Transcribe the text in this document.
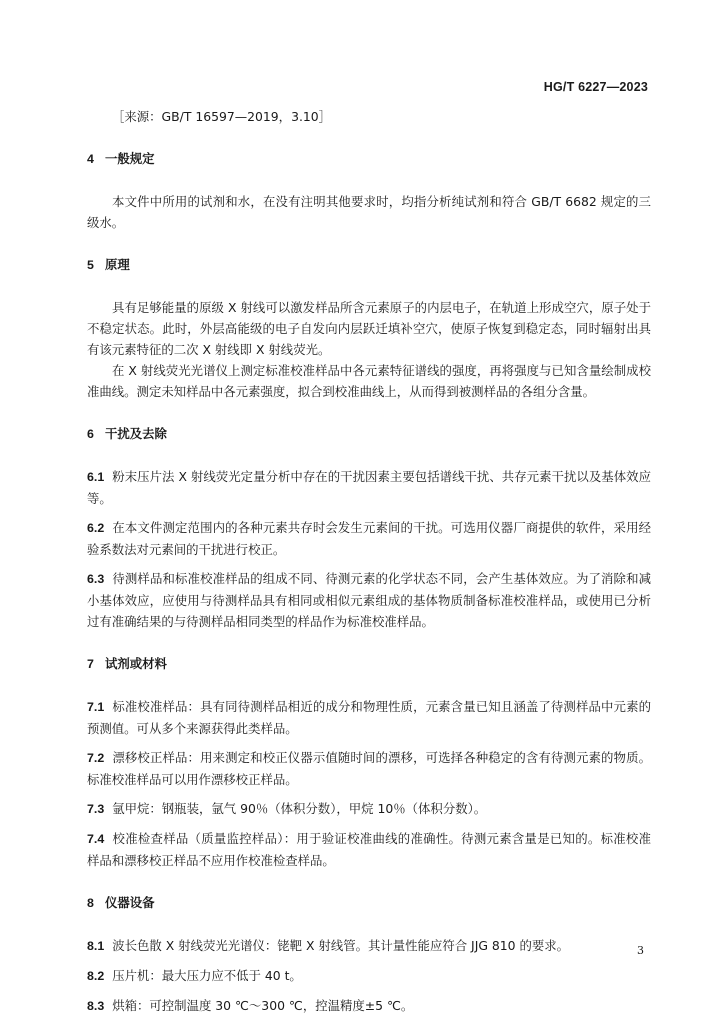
HG/T 6227—2023

［来源：GB/T 16597—2019，3.10］

4 一般规定

本文件中所用的试剂和水，在没有注明其他要求时，均指分析纯试剂和符合 GB/T 6682 规定的三级水。

5 原理

具有足够能量的原级 X 射线可以激发样品所含元素原子的内层电子，在轨道上形成空穴，原子处于不稳定状态。此时，外层高能级的电子自发向内层跃迁填补空穴，使原子恢复到稳定态，同时辐射出具有该元素特征的二次 X 射线即 X 射线荧光。

在 X 射线荧光光谱仪上测定标准校准样品中各元素特征谱线的强度，再将强度与已知含量绘制成校准曲线。测定未知样品中各元素强度，拟合到校准曲线上，从而得到被测样品的各组分含量。

6 干扰及去除

6.1 粉末压片法 X 射线荧光定量分析中存在的干扰因素主要包括谱线干扰、共存元素干扰以及基体效应等。

6.2 在本文件测定范围内的各种元素共存时会发生元素间的干扰。可选用仪器厂商提供的软件，采用经验系数法对元素间的干扰进行校正。

6.3 待测样品和标准校准样品的组成不同、待测元素的化学状态不同，会产生基体效应。为了消除和减小基体效应，应使用与待测样品具有相同或相似元素组成的基体物质制备标准校准样品，或使用已分析过有准确结果的与待测样品相同类型的样品作为标准校准样品。

7 试剂或材料

7.1 标准校准样品：具有同待测样品相近的成分和物理性质，元素含量已知且涵盖了待测样品中元素的预测值。可从多个来源获得此类样品。

7.2 漂移校正样品：用来测定和校正仪器示值随时间的漂移，可选择各种稳定的含有待测元素的物质。标准校准样品可以用作漂移校正样品。

7.3 氩甲烷：钢瓶装，氩气 90％（体积分数），甲烷 10％（体积分数）。

7.4 校准检查样品（质量监控样品）：用于验证校准曲线的准确性。待测元素含量是已知的。标准校准样品和漂移校正样品不应用作校准检查样品。

8 仪器设备

8.1 波长色散 X 射线荧光光谱仪：铑靶 X 射线管。其计量性能应符合 JJG 810 的要求。

8.2 压片机：最大压力应不低于 40 t。

8.3 烘箱：可控制温度 30 ℃～300 ℃，控温精度±5 ℃。

3
